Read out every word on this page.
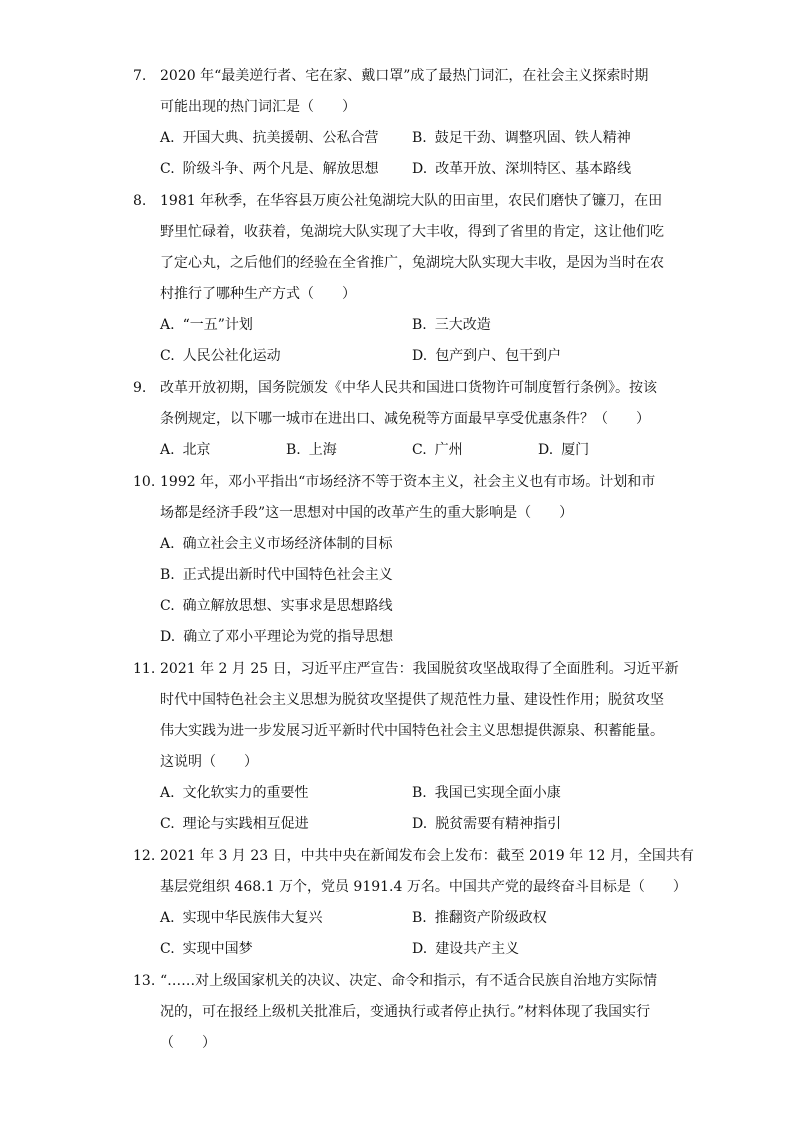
7. 2020 年“最美逆行者、宅在家、戴口罩”成了最热门词汇，在社会主义探索时期
可能出现的热门词汇是（　　）
A. 开国大典、抗美援朝、公私合营 B. 鼓足干劲、调整巩固、铁人精神
C. 阶级斗争、两个凡是、解放思想 D. 改革开放、深圳特区、基本路线
8. 1981 年秋季，在华容县万庾公社兔湖垸大队的田亩里，农民们磨快了镰刀，在田
野里忙碌着，收获着，兔湖垸大队实现了大丰收，得到了省里的肯定，这让他们吃
了定心丸，之后他们的经验在全省推广，兔湖垸大队实现大丰收，是因为当时在农
村推行了哪种生产方式（　　）
A. “一五”计划	B. 三大改造
C. 人民公社化运动	D. 包产到户、包干到户
9. 改革开放初期，国务院颁发《中华人民共和国进口货物许可制度暂行条例》。按该
条例规定，以下哪一城市在进出口、减免税等方面最早享受优惠条件？（　　）
A. 北京	B. 上海	C. 广州	D. 厦门
10. 1992 年，邓小平指出“市场经济不等于资本主义，社会主义也有市场。计划和市
场都是经济手段”这一思想对中国的改革产生的重大影响是（　　）
A. 确立社会主义市场经济体制的目标
B. 正式提出新时代中国特色社会主义
C. 确立解放思想、实事求是思想路线
D. 确立了邓小平理论为党的指导思想
11. 2021 年 2 月 25 日，习近平庄严宣告：我国脱贫攻坚战取得了全面胜利。习近平新
时代中国特色社会主义思想为脱贫攻坚提供了规范性力量、建设性作用；脱贫攻坚
伟大实践为进一步发展习近平新时代中国特色社会主义思想提供源泉、积蓄能量。
这说明（　　）
A. 文化软实力的重要性	B. 我国已实现全面小康
C. 理论与实践相互促进	D. 脱贫需要有精神指引
12. 2021 年 3 月 23 日，中共中央在新闻发布会上发布：截至 2019 年 12 月，全国共有
基层党组织 468.1 万个，党员 9191.4 万名。中国共产党的最终奋斗目标是（　　）
A. 实现中华民族伟大复兴	B. 推翻资产阶级政权
C. 实现中国梦	D. 建设共产主义
13. “……对上级国家机关的决议、决定、命令和指示，有不适合民族自治地方实际情
况的，可在报经上级机关批准后，变通执行或者停止执行。”材料体现了我国实行
（　　）
